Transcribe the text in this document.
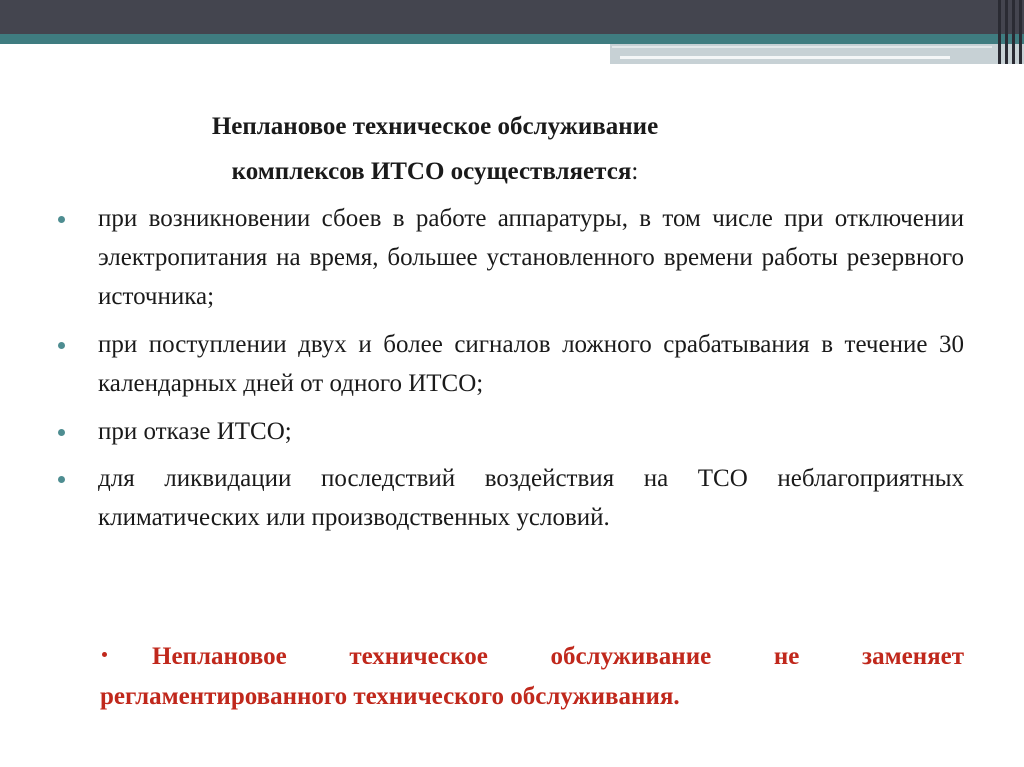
Неплановое техническое обслуживание

комплексов ИТСО осуществляется:

при возникновении сбоев в работе аппаратуры, в том числе при отключении электропитания на время, большее установленного времени работы резервного источника;
при поступлении двух и более сигналов ложного срабатывания в течение 30 календарных дней от одного ИТСО;
при отказе ИТСО;
для ликвидации последствий воздействия на ТСО неблагоприятных климатических или производственных условий.
Неплановое техническое обслуживание не заменяет регламентированного технического обслуживания.
